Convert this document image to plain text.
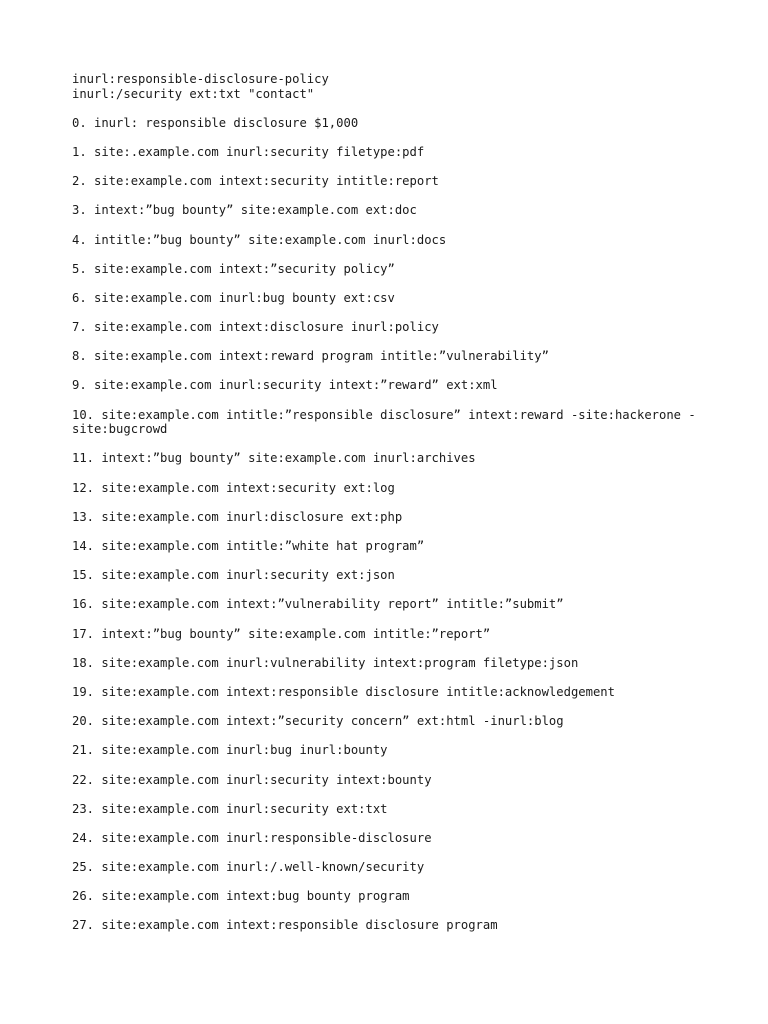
inurl:responsible-disclosure-policy

inurl:/security ext:txt "contact"

0. inurl: responsible disclosure $1,000

1. site:.example.com inurl:security filetype:pdf

2. site:example.com intext:security intitle:report

3. intext:”bug bounty” site:example.com ext:doc

4. intitle:”bug bounty” site:example.com inurl:docs

5. site:example.com intext:”security policy”

6. site:example.com inurl:bug bounty ext:csv

7. site:example.com intext:disclosure inurl:policy

8. site:example.com intext:reward program intitle:”vulnerability”

9. site:example.com inurl:security intext:”reward” ext:xml

10. site:example.com intitle:”responsible disclosure” intext:reward -site:hackerone -site:bugcrowd

11. intext:”bug bounty” site:example.com inurl:archives

12. site:example.com intext:security ext:log

13. site:example.com inurl:disclosure ext:php

14. site:example.com intitle:”white hat program”

15. site:example.com inurl:security ext:json

16. site:example.com intext:”vulnerability report” intitle:”submit”

17. intext:”bug bounty” site:example.com intitle:”report”

18. site:example.com inurl:vulnerability intext:program filetype:json

19. site:example.com intext:responsible disclosure intitle:acknowledgement

20. site:example.com intext:”security concern” ext:html -inurl:blog

21. site:example.com inurl:bug inurl:bounty

22. site:example.com inurl:security intext:bounty

23. site:example.com inurl:security ext:txt

24. site:example.com inurl:responsible-disclosure

25. site:example.com inurl:/.well-known/security

26. site:example.com intext:bug bounty program

27. site:example.com intext:responsible disclosure program
